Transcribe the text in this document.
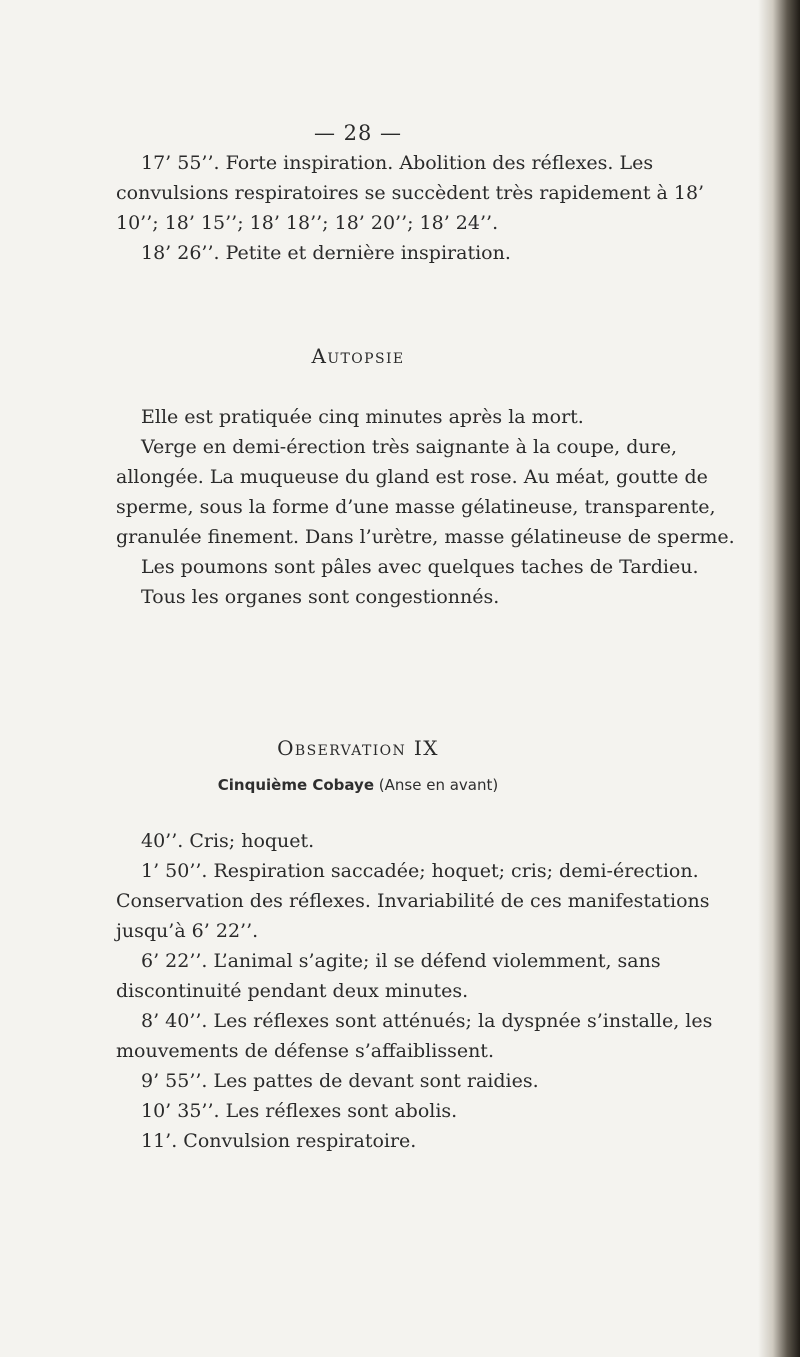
— 28 —

17’ 55’’. Forte inspiration. Abolition des réflexes. Les convulsions respiratoires se succèdent très rapidement à 18’ 10’’; 18’ 15’’; 18’ 18’’; 18’ 20’’; 18’ 24’’.

18’ 26’’. Petite et dernière inspiration.

Autopsie

Elle est pratiquée cinq minutes après la mort.

Verge en demi-érection très saignante à la coupe, dure, allongée. La muqueuse du gland est rose. Au méat, goutte de sperme, sous la forme d’une masse gélatineuse, transparente, granulée finement. Dans l’urètre, masse gélatineuse de sperme.

Les poumons sont pâles avec quelques taches de Tardieu.

Tous les organes sont congestionnés.

Observation IX
Cinquième Cobaye (Anse en avant)

40’’. Cris; hoquet.

1’ 50’’. Respiration saccadée; hoquet; cris; demi-érection. Conservation des réflexes. Invariabilité de ces manifestations jusqu’à 6’ 22’’.

6’ 22’’. L’animal s’agite; il se défend violemment, sans discontinuité pendant deux minutes.

8’ 40’’. Les réflexes sont atténués; la dyspnée s’installe, les mouvements de défense s’affaiblissent.

9’ 55’’. Les pattes de devant sont raidies.

10’ 35’’. Les réflexes sont abolis.

11’. Convulsion respiratoire.
